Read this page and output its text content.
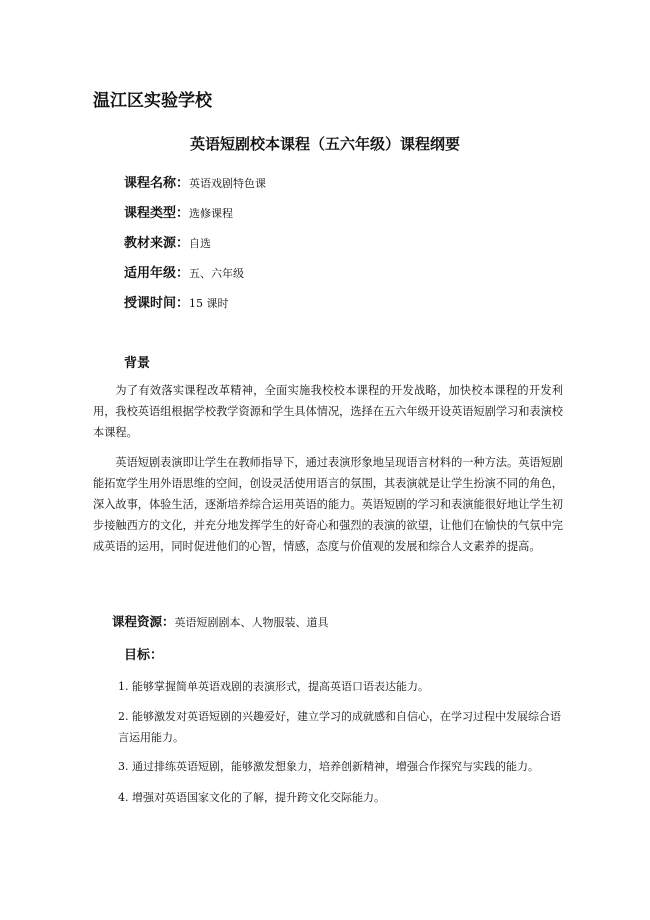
温江区实验学校
英语短剧校本课程（五六年级）课程纲要
课程名称：英语戏剧特色课
课程类型：选修课程
教材来源：自选
适用年级：五、六年级
授课时间：15 课时
背景
为了有效落实课程改革精神，全面实施我校校本课程的开发战略，加快校本课程的开发利用，我校英语组根据学校教学资源和学生具体情况，选择在五六年级开设英语短剧学习和表演校本课程。
英语短剧表演即让学生在教师指导下，通过表演形象地呈现语言材料的一种方法。英语短剧能拓宽学生用外语思维的空间，创设灵活使用语言的氛围，其表演就是让学生扮演不同的角色，深入故事，体验生活，逐渐培养综合运用英语的能力。英语短剧的学习和表演能很好地让学生初步接触西方的文化，并充分地发挥学生的好奇心和强烈的表演的欲望，让他们在愉快的气氛中完成英语的运用，同时促进他们的心智，情感，态度与价值观的发展和综合人文素养的提高。
课程资源：英语短剧剧本、人物服装、道具
目标：
1. 能够掌握简单英语戏剧的表演形式，提高英语口语表达能力。
2. 能够激发对英语短剧的兴趣爱好，建立学习的成就感和自信心，在学习过程中发展综合语言运用能力。
3. 通过排练英语短剧，能够激发想象力，培养创新精神，增强合作探究与实践的能力。
4. 增强对英语国家文化的了解，提升跨文化交际能力。
